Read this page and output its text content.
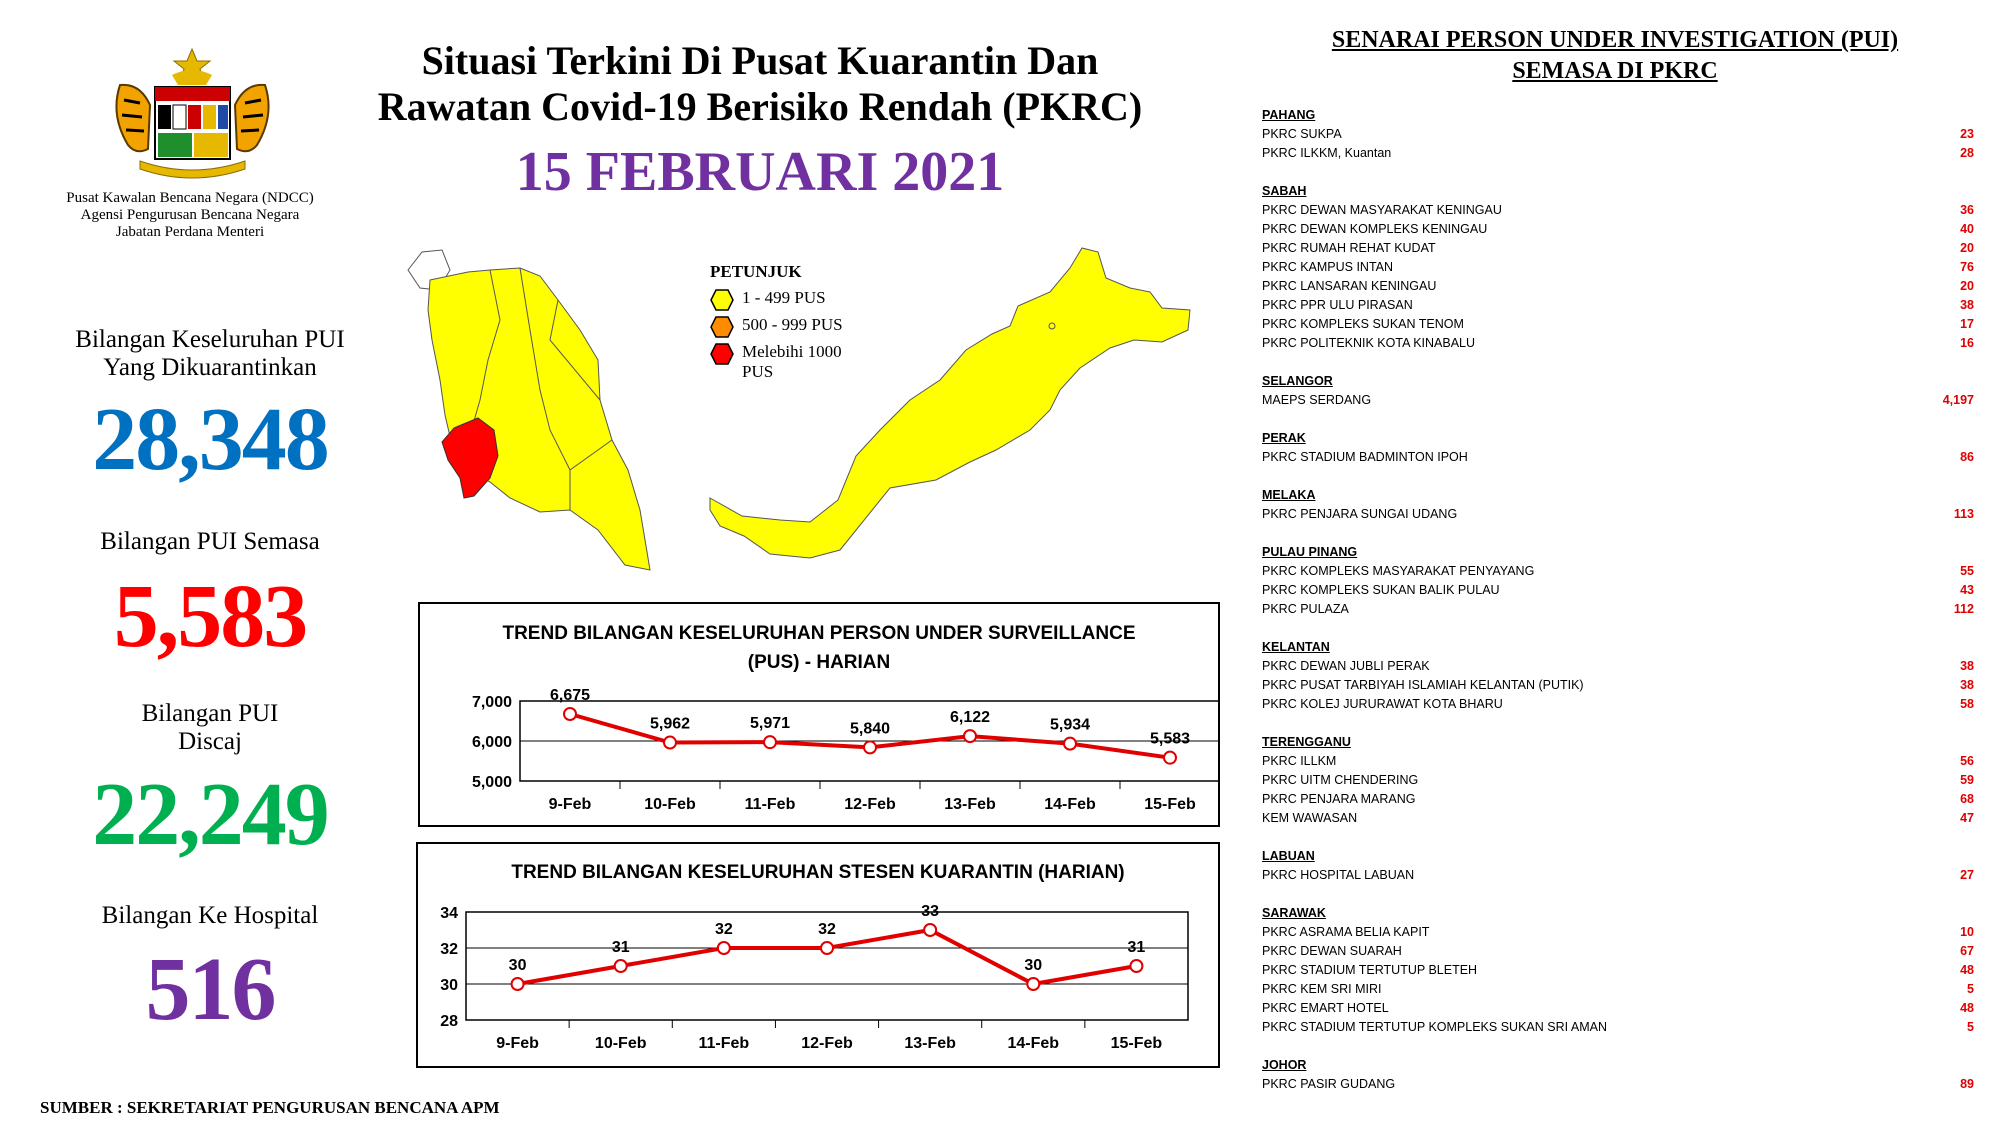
Pusat Kawalan Bencana Negara (NDCC)
Agensi Pengurusan Bencana Negara
Jabatan Perdana Menteri
Bilangan Keseluruhan PUI
Yang Dikuarantinkan
28,348
Bilangan PUI Semasa
5,583
Bilangan PUI
Discaj
22,249
Bilangan Ke Hospital
516
Situasi Terkini Di Pusat Kuarantin Dan
Rawatan Covid-19 Berisiko Rendah (PKRC)
15 FEBRUARI 2021
PETUNJUK
1 - 499 PUS
500 - 999 PUS
Melebihi 1000 PUS
TREND BILANGAN KESELURUHAN PERSON UNDER SURVEILLANCE
(PUS) - HARIAN
5,000
6,000
7,000
9-Feb	10-Feb	11-Feb	12-Feb	13-Feb	14-Feb	15-Feb
6,675
5,962	5,971	5,840
6,122	5,934
5,583
TREND BILANGAN KESELURUHAN STESEN KUARANTIN (HARIAN)
28
30
32
34
9-Feb	10-Feb	11-Feb	12-Feb	13-Feb	14-Feb	15-Feb
30
31
32	32
33
30
31
SUMBER : SEKRETARIAT PENGURUSAN BENCANA APM
SENARAI PERSON UNDER INVESTIGATION (PUI)
SEMASA DI PKRC
PAHANG
PKRC SUKPA	23
PKRC ILKKM, Kuantan	28
SABAH
PKRC DEWAN MASYARAKAT KENINGAU	36
PKRC DEWAN KOMPLEKS KENINGAU	40
PKRC RUMAH REHAT KUDAT	20
PKRC KAMPUS INTAN	76
PKRC LANSARAN KENINGAU	20
PKRC PPR ULU PIRASAN	38
PKRC KOMPLEKS SUKAN TENOM	17
PKRC POLITEKNIK KOTA KINABALU	16
SELANGOR
MAEPS SERDANG	4,197
PERAK
PKRC STADIUM BADMINTON IPOH	86
MELAKA
PKRC PENJARA SUNGAI UDANG	113
PULAU PINANG
PKRC KOMPLEKS MASYARAKAT PENYAYANG	55
PKRC KOMPLEKS SUKAN BALIK PULAU	43
PKRC PULAZA	112
KELANTAN
PKRC DEWAN JUBLI PERAK	38
PKRC PUSAT TARBIYAH ISLAMIAH KELANTAN (PUTIK)	38
PKRC KOLEJ JURURAWAT KOTA BHARU	58
TERENGGANU
PKRC ILLKM	56
PKRC UITM CHENDERING	59
PKRC PENJARA MARANG	68
KEM WAWASAN	47
LABUAN
PKRC HOSPITAL LABUAN	27
SARAWAK
PKRC ASRAMA BELIA KAPIT	10
PKRC DEWAN SUARAH	67
PKRC STADIUM TERTUTUP BLETEH	48
PKRC KEM SRI MIRI	5
PKRC EMART HOTEL	48
PKRC STADIUM TERTUTUP KOMPLEKS SUKAN SRI AMAN	5
JOHOR
PKRC PASIR GUDANG	89
